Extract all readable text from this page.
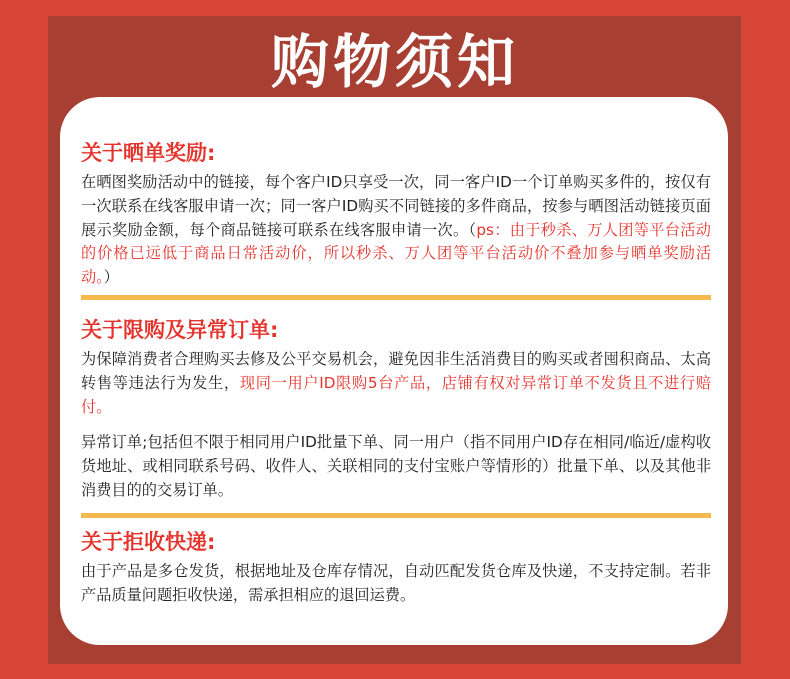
购物须知
关于晒单奖励:
在晒图奖励活动中的链接，每个客户ID只享受一次，同一客户ID一个订单购买多件的，按仅有一次联系在线客服申请一次；同一客户ID购买不同链接的多件商品，按参与晒图活动链接页面展示奖励金额，每个商品链接可联系在线客服申请一次。（ps：由于秒杀、万人团等平台活动的价格已远低于商品日常活动价，所以秒杀、万人团等平台活动价不叠加参与晒单奖励活动。）
关于限购及异常订单:
为保障消费者合理购买去修及公平交易机会，避免因非生活消费目的购买或者囤积商品、太高转售等违法行为发生，现同一用户ID限购5台产品，店铺有权对异常订单不发货且不进行赔付。
异常订单;包括但不限于相同用户ID批量下单、同一用户（指不同用户ID存在相同/临近/虚构收货地址、或相同联系号码、收件人、关联相同的支付宝账户等情形的）批量下单、以及其他非消费目的的交易订单。
关于拒收快递:
由于产品是多仓发货，根据地址及仓库存情况，自动匹配发货仓库及快递，不支持定制。若非产品质量问题拒收快递，需承担相应的退回运费。
